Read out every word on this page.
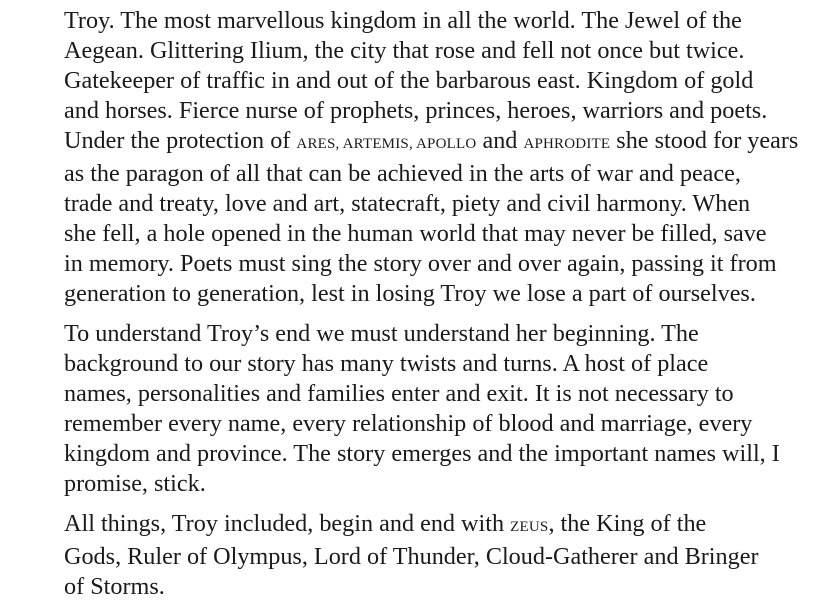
Troy. The most marvellous kingdom in all the world. The Jewel of the
Aegean. Glittering Ilium, the city that rose and fell not once but twice.
Gatekeeper of traffic in and out of the barbarous east. Kingdom of gold
and horses. Fierce nurse of prophets, princes, heroes, warriors and poets.
Under the protection of ARES, ARTEMIS, APOLLO and APHRODITE she stood for years
as the paragon of all that can be achieved in the arts of war and peace,
trade and treaty, love and art, statecraft, piety and civil harmony. When
she fell, a hole opened in the human world that may never be filled, save
in memory. Poets must sing the story over and over again, passing it from
generation to generation, lest in losing Troy we lose a part of ourselves.

To understand Troy’s end we must understand her beginning. The
background to our story has many twists and turns. A host of place
names, personalities and families enter and exit. It is not necessary to
remember every name, every relationship of blood and marriage, every
kingdom and province. The story emerges and the important names will, I
promise, stick.

All things, Troy included, begin and end with ZEUS, the King of the
Gods, Ruler of Olympus, Lord of Thunder, Cloud-Gatherer and Bringer
of Storms.
